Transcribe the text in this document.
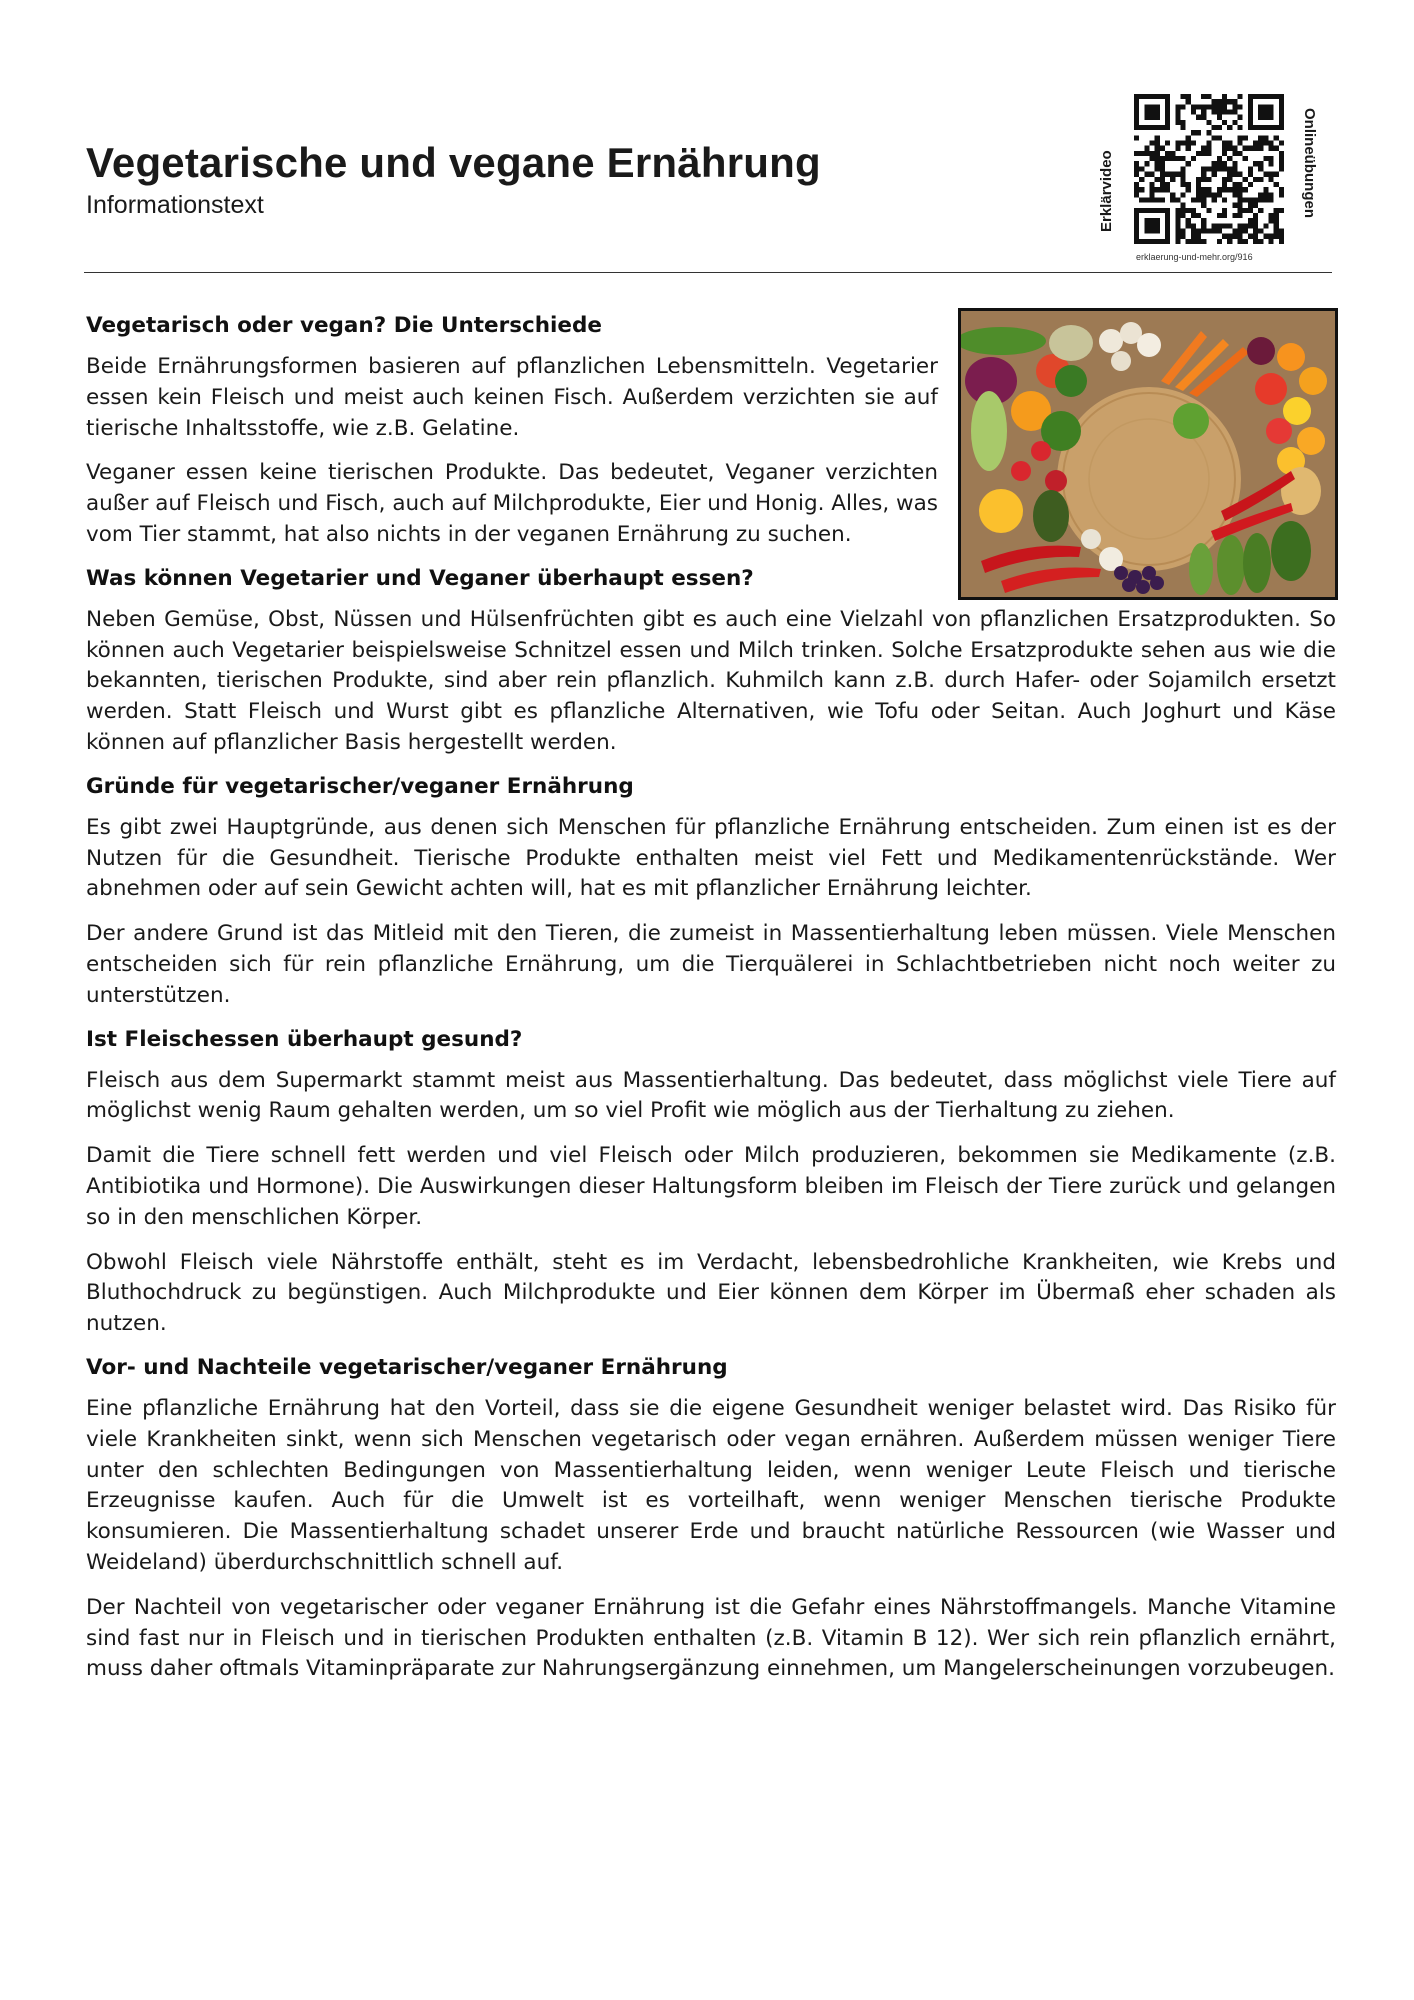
Vegetarische und vegane Ernährung
Informationstext	Erklärvideo	Onlineübungen
erklaerung-und-mehr.org/916
Vegetarisch oder vegan? Die Unterschiede

Beide Ernährungsformen basieren auf pflanzlichen Lebensmitteln. Vegetarier essen kein Fleisch und meist auch keinen Fisch. Außerdem verzichten sie auf tierische Inhaltsstoffe, wie z.B. Gelatine.

Veganer essen keine tierischen Produkte. Das bedeutet, Veganer verzichten außer auf Fleisch und Fisch, auch auf Milchprodukte, Eier und Honig. Alles, was vom Tier stammt, hat also nichts in der veganen Ernährung zu suchen.

Was können Vegetarier und Veganer überhaupt essen?

Neben Gemüse, Obst, Nüssen und Hülsenfrüchten gibt es auch eine Vielzahl von pflanzlichen Ersatzprodukten. So können auch Vegetarier beispielsweise Schnitzel essen und Milch trinken. Solche Ersatzprodukte sehen aus wie die bekannten, tierischen Produkte, sind aber rein pflanzlich. Kuhmilch kann z.B. durch Hafer- oder Sojamilch ersetzt werden. Statt Fleisch und Wurst gibt es pflanzliche Alternativen, wie Tofu oder Seitan. Auch Joghurt und Käse können auf pflanzlicher Basis hergestellt werden.

Gründe für vegetarischer/veganer Ernährung

Es gibt zwei Hauptgründe, aus denen sich Menschen für pflanzliche Ernährung entscheiden. Zum einen ist es der Nutzen für die Gesundheit. Tierische Produkte enthalten meist viel Fett und Medikamentenrückstände. Wer abnehmen oder auf sein Gewicht achten will, hat es mit pflanzlicher Ernährung leichter.

Der andere Grund ist das Mitleid mit den Tieren, die zumeist in Massentierhaltung leben müssen. Viele Menschen entscheiden sich für rein pflanzliche Ernährung, um die Tierquälerei in Schlachtbetrieben nicht noch weiter zu unterstützen.

Ist Fleischessen überhaupt gesund?

Fleisch aus dem Supermarkt stammt meist aus Massentierhaltung. Das bedeutet, dass möglichst viele Tiere auf möglichst wenig Raum gehalten werden, um so viel Profit wie möglich aus der Tierhaltung zu ziehen.

Damit die Tiere schnell fett werden und viel Fleisch oder Milch produzieren, bekommen sie Medikamente (z.B. Antibiotika und Hormone). Die Auswirkungen dieser Haltungsform bleiben im Fleisch der Tiere zurück und gelangen so in den menschlichen Körper.

Obwohl Fleisch viele Nährstoffe enthält, steht es im Verdacht, lebensbedrohliche Krankheiten, wie Krebs und Bluthochdruck zu begünstigen. Auch Milchprodukte und Eier können dem Körper im Übermaß eher schaden als nutzen.

Vor- und Nachteile vegetarischer/veganer Ernährung

Eine pflanzliche Ernährung hat den Vorteil, dass sie die eigene Gesundheit weniger belastet wird. Das Risiko für viele Krankheiten sinkt, wenn sich Menschen vegetarisch oder vegan ernähren. Außerdem müssen weniger Tiere unter den schlechten Bedingungen von Massentierhaltung leiden, wenn weniger Leute Fleisch und tierische Erzeugnisse kaufen. Auch für die Umwelt ist es vorteilhaft, wenn weniger Menschen tierische Produkte konsumieren. Die Massentierhaltung schadet unserer Erde und braucht natürliche Ressourcen (wie Wasser und Weideland) überdurchschnittlich schnell auf.

Der Nachteil von vegetarischer oder veganer Ernährung ist die Gefahr eines Nährstoffmangels. Manche Vitamine sind fast nur in Fleisch und in tierischen Produkten enthalten (z.B. Vitamin B 12). Wer sich rein pflanzlich ernährt, muss daher oftmals Vitaminpräparate zur Nahrungsergänzung einnehmen, um Mangelerscheinungen vorzubeugen.
